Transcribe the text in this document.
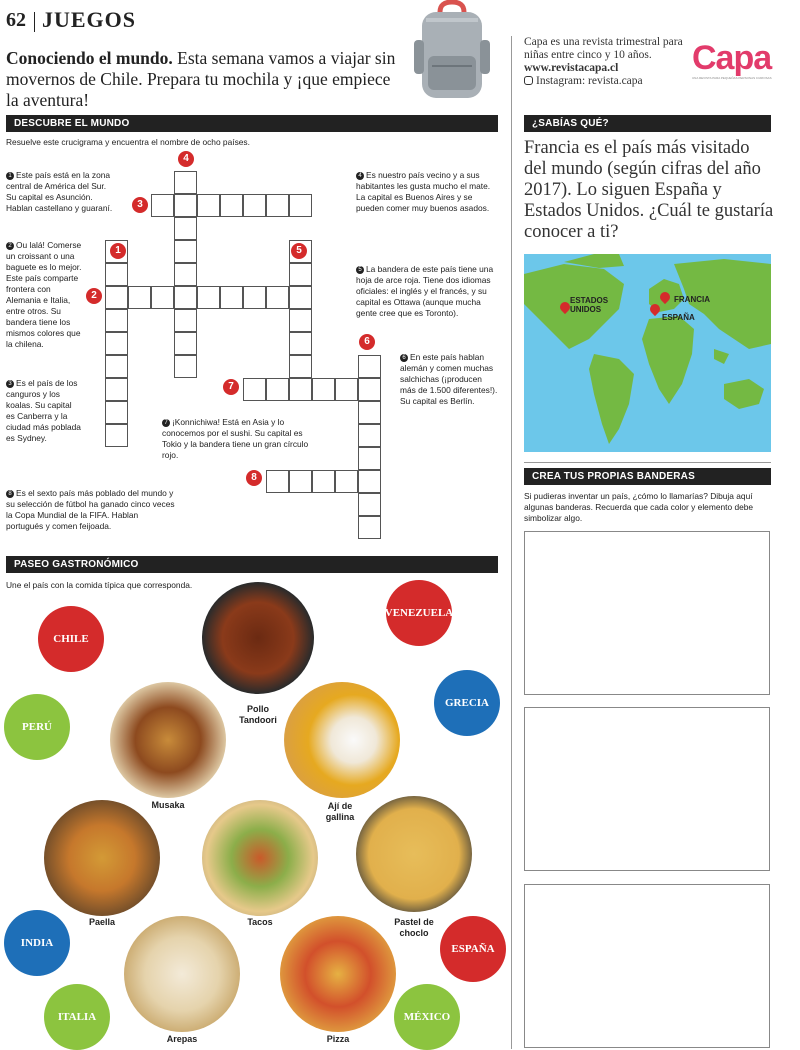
62 JUEGOS
Conociendo el mundo. Esta semana vamos a viajar sin movernos de Chile. Prepara tu mochila y ¡que empiece la aventura!
Capa es una revista trimestral para
niñas entre cinco y 10 años.
www.revistacapa.cl
Instagram: revista.capa
Capa
UNA REVISTA PARA PEQUEÑAS PERSONAS CURIOSAS
DESCUBRE EL MUNDO
Resuelve este crucigrama y encuentra el nombre de ocho países.
1 Este país está en la zona central de América del Sur. Su capital es Asunción. Hablan castellano y guaraní.
2 Ou lalá! Comerse un croissant o una baguete es lo mejor. Este país comparte frontera con Alemania e Italia, entre otros. Su bandera tiene los mismos colores que la chilena.
3 Es el país de los canguros y los koalas. Su capital es Canberra y la ciudad más poblada es Sydney.
8 Es el sexto país más poblado del mundo y su selección de fútbol ha ganado cinco veces la Copa Mundial de la FIFA. Hablan portugués y comen feijoada.
4 Es nuestro país vecino y a sus habitantes les gusta mucho el mate. La capital es Buenos Aires y se pueden comer muy buenos asados.
5 La bandera de este país tiene una hoja de arce roja. Tiene dos idiomas oficiales: el inglés y el francés, y su capital es Ottawa (aunque mucha gente cree que es Toronto).
6 En este país hablan alemán y comen muchas salchichas (¡producen más de 1.500 diferentes!). Su capital es Berlín.
7 ¡Konnichiwa! Está en Asia y lo conocemos por el sushi. Su capital es Tokio y la bandera tiene un gran círculo rojo.
1
2
3
4
5
6
7
8
¿SABÍAS QUÉ?
Francia es el país más visitado del mundo (según cifras del año 2017). Lo siguen España y Estados Unidos. ¿Cuál te gustaría conocer a ti?
ESTADOS UNIDOS
FRANCIA
ESPAÑA
CREA TUS PROPIAS BANDERAS
Si pudieras inventar un país, ¿cómo lo llamarías? Dibuja aquí algunas banderas. Recuerda que cada color y elemento debe simbolizar algo.
PASEO GASTRONÓMICO
Une el país con la comida típica que corresponda.
Pollo Tandoori
Musaka	Ají de gallina
Paella	Tacos	Pastel de choclo
Arepas	Pizza
CHILE
VENEZUELA
PERÚ
GRECIA
INDIA	ESPAÑA
ITALIA	MÉXICO
